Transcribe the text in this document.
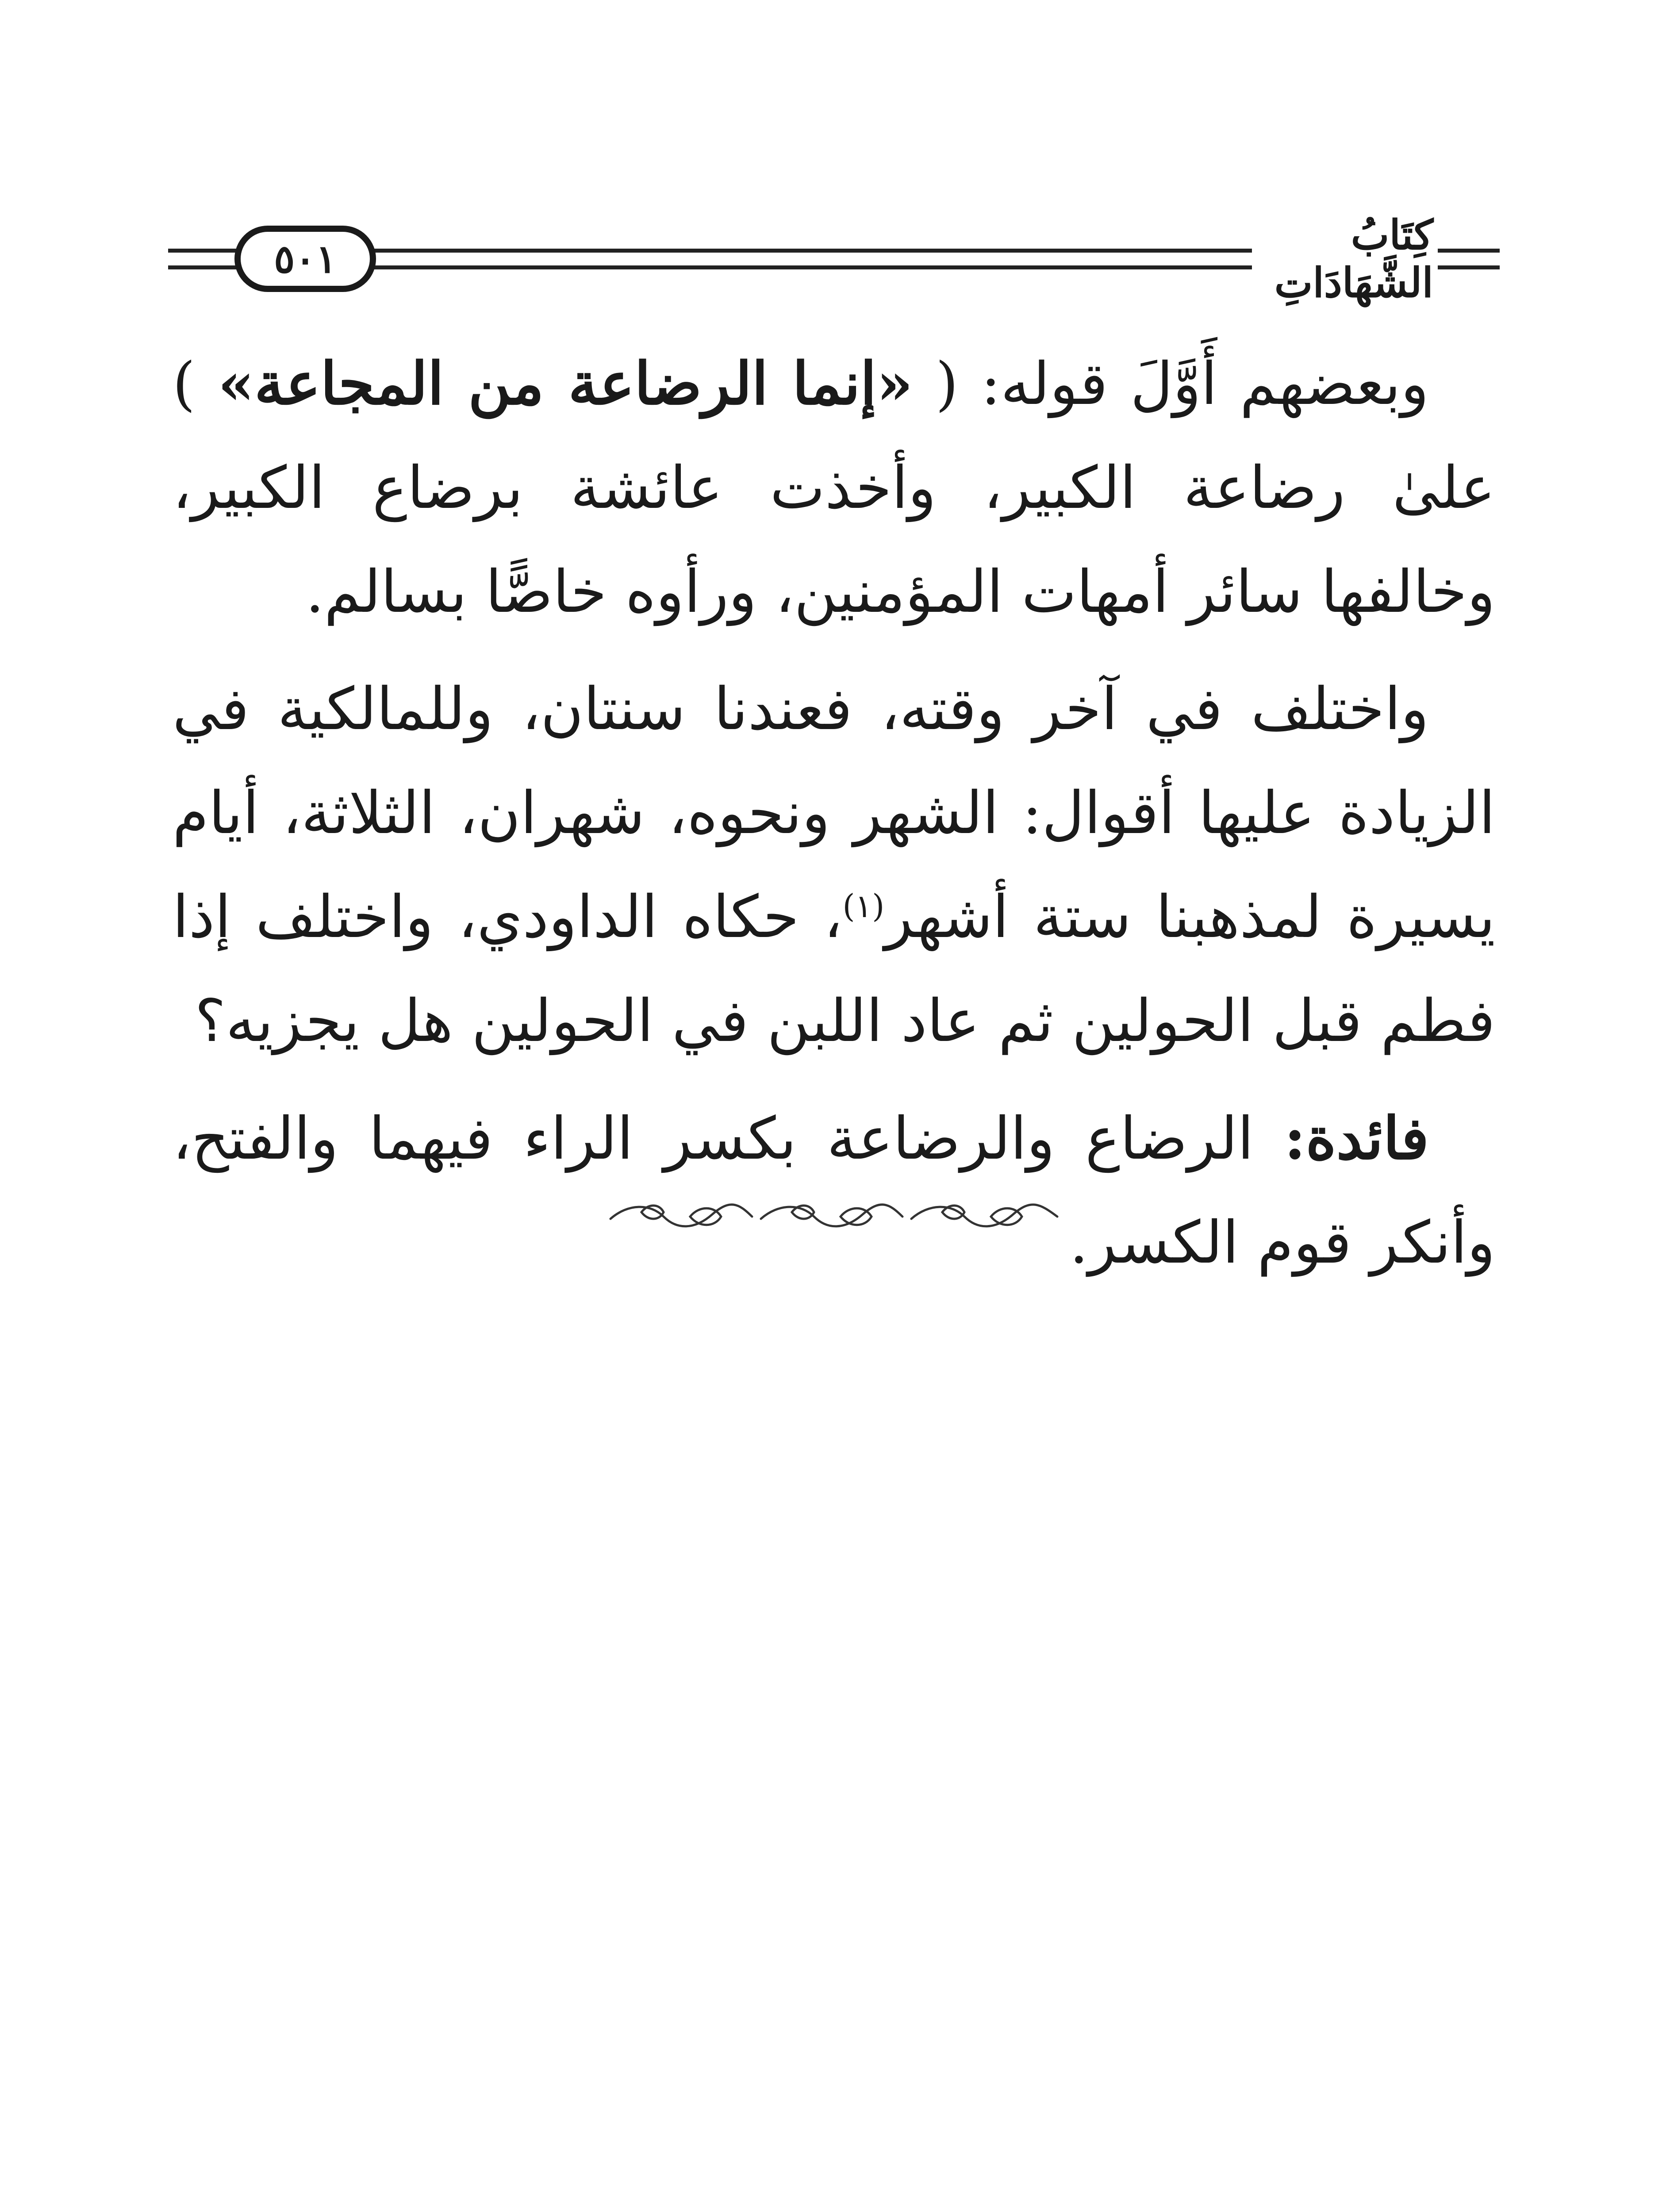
٥٠١	كِتَابُ الشَّهَادَاتِ

وبعضهم أَوَّلَ قوله: ( «إنما الرضاعة من المجاعة» ) علىٰ رضاعة الكبير، وأخذت عائشة برضاع الكبير، وخالفها سائر أمهات المؤمنين، ورأوه خاصًّا بسالم.

واختلف في آخر وقته، فعندنا سنتان، وللمالكية في الزيادة عليها أقوال: الشهر ونحوه، شهران، الثلاثة، أيام يسيرة لمذهبنا ستة أشهر$^{(١)}$، حكاه الداودي، واختلف إذا فطم قبل الحولين ثم عاد اللبن في الحولين هل يجزيه؟

فائدة: الرضاع والرضاعة بكسر الراء فيهما والفتح، وأنكر قوم الكسر.
